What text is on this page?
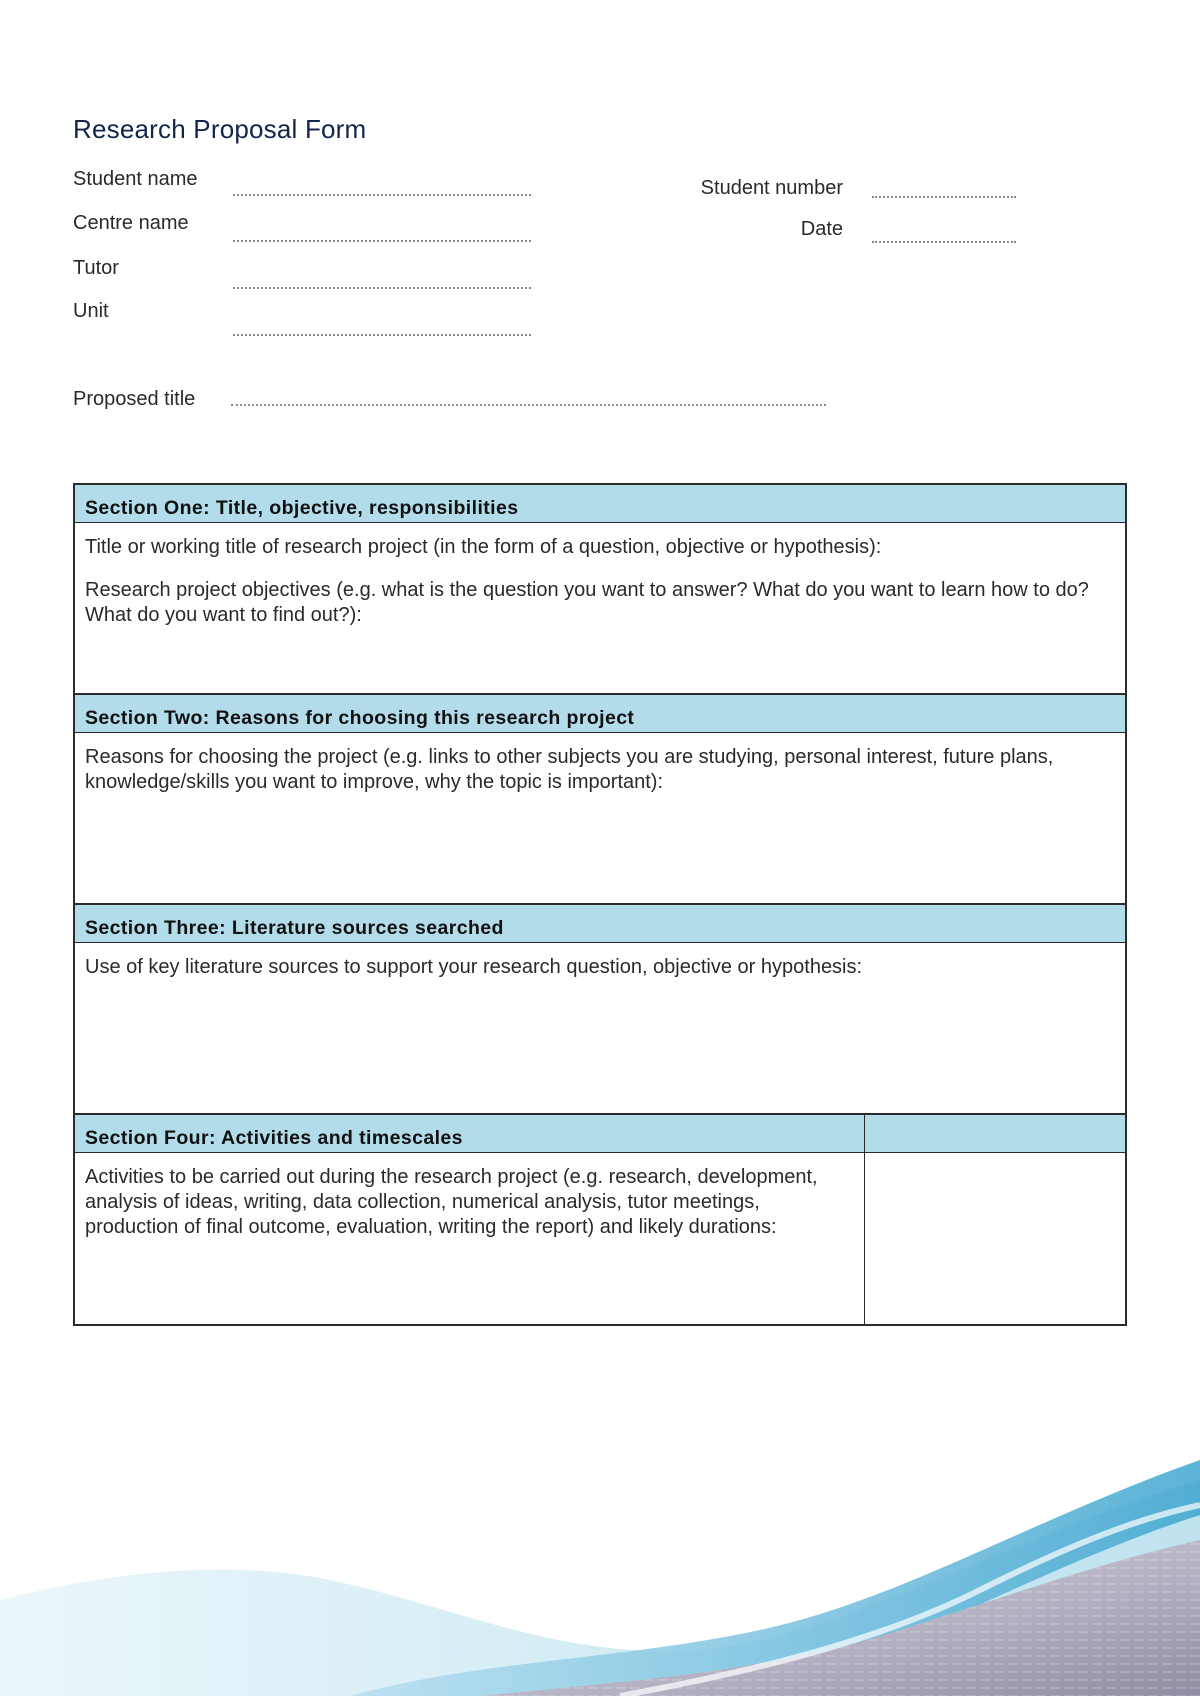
Research Proposal Form
Student name
Centre name
Tutor
Unit
Student number
Date
Proposed title
Section One: Title, objective, responsibilities

Title or working title of research project (in the form of a question, objective or hypothesis):

Research project objectives (e.g. what is the question you want to answer? What do you want to learn how to do? What do you want to find out?):

Section Two: Reasons for choosing this research project

Reasons for choosing the project (e.g. links to other subjects you are studying, personal interest, future plans, knowledge/skills you want to improve, why the topic is important):

Section Three: Literature sources searched

Use of key literature sources to support your research question, objective or hypothesis:

Section Four: Activities and timescales

Activities to be carried out during the research project (e.g. research, development, analysis of ideas, writing, data collection, numerical analysis, tutor meetings, production of final outcome, evaluation, writing the report) and likely durations:
